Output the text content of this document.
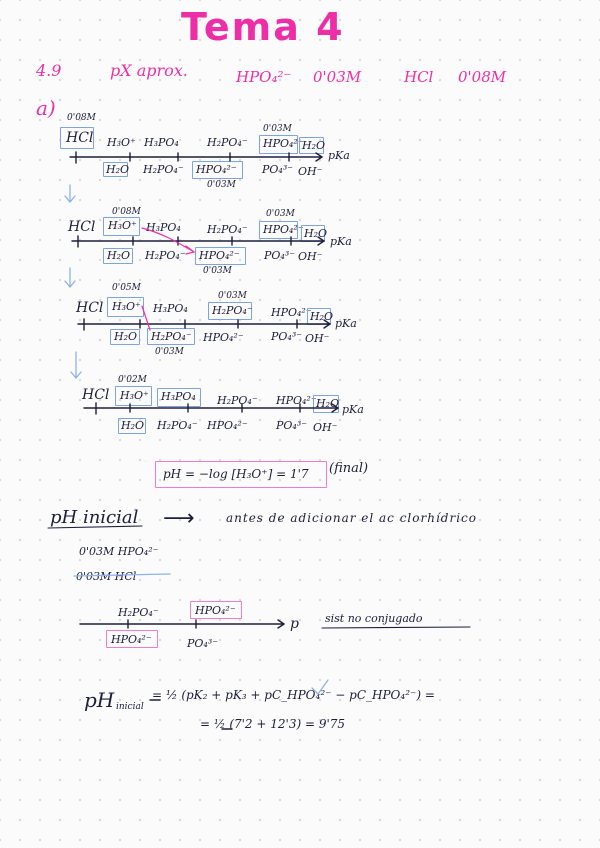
Tema 4
4.9	pX aprox.	HPO₄²⁻ 0'03M	HCl 0'08M
a) 0'08M
HCl H₃O⁺ H₃PO₄	H₂PO₄⁻
0'03M
HPO₄²⁻
H₂O
pKa
H₂O H₂PO₄⁻ HPO₄²⁻ PO₄³⁻ OH⁻
0'03M
0'08M
HCl H₃O⁺ H₃PO₄ H₂PO₄⁻
0'03M
HPO₄²⁻ H₂O
pKa
H₂O H₂PO₄⁻ HPO₄²⁻ PO₄³⁻ OH⁻
0'03M
0'05M
HCl H₃O⁺ H₃PO₄
0'03M
H₂PO₄⁻ HPO₄²⁻
H₂O
pKa
H₂O H₂PO₄⁻ HPO₄²⁻ PO₄³⁻ OH⁻
0'03M
0'02M
HCl H₃O⁺ H₃PO₄ H₂PO₄⁻ HPO₄²⁻ H₂O pKa
H₂O H₂PO₄⁻ HPO₄²⁻	PO₄³⁻ OH⁻
pH = −log [H₃O⁺] = 1'7 (final)
pH inicial ⟶	antes de adicionar el ac clorhídrico
0'03M HPO₄²⁻
0'03M HCl
H₂PO₄⁻	HPO₄²⁻
p
HPO₄²⁻	PO₄³⁻
sist no conjugado
pH inicial
= ½ (pK₂ + pK₃ + pC_HPO₄²⁻ − pC_HPO₄²⁻) =
= ½ (7'2 + 12'3) = 9'75
